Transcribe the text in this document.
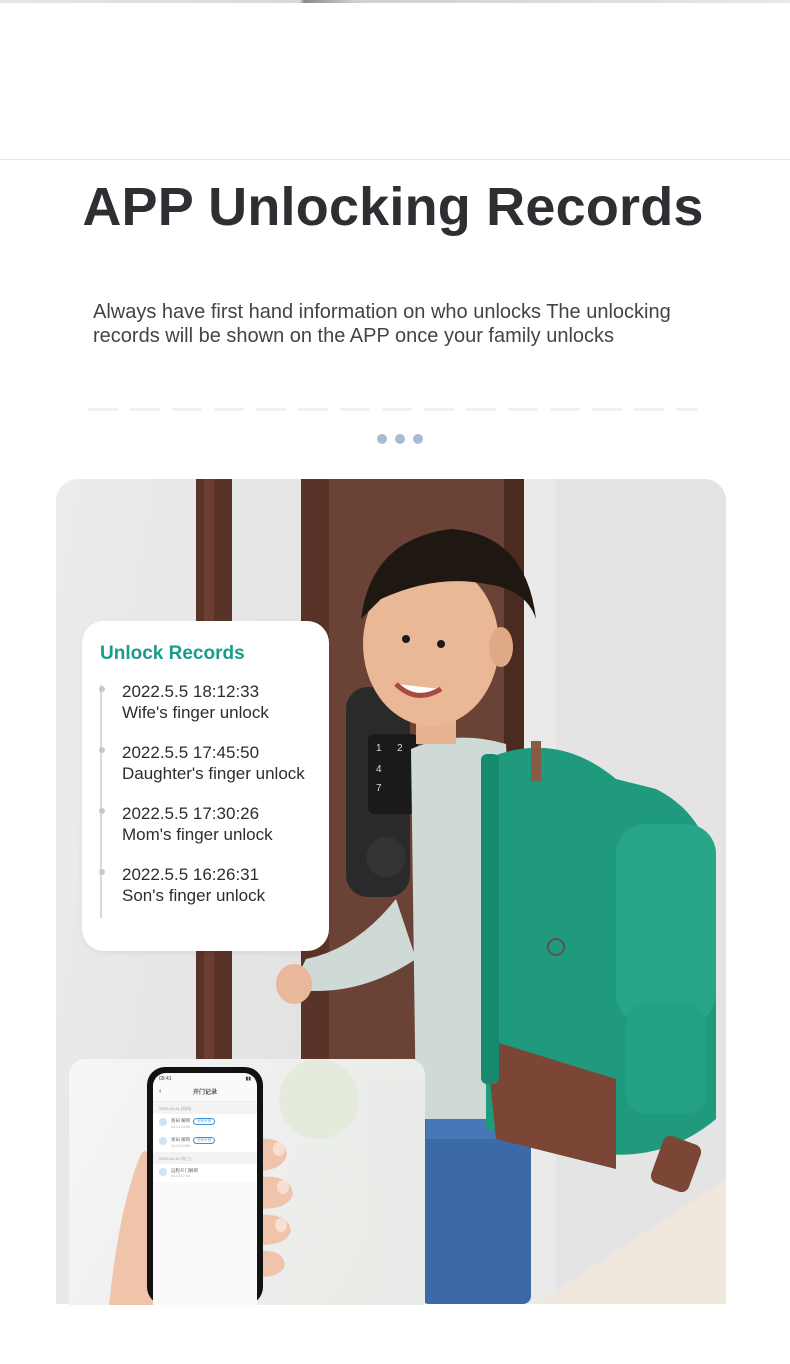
APP Unlocking Records

Always have first hand information on who unlocks The unlocking records will be shown on the APP once your family unlocks

1 2
4
7
Unlock Records
2022.5.5 18:12:33
Wife's finger unlock
2022.5.5 17:45:50
Daughter's finger unlock
2022.5.5 17:30:26
Mom's finger unlock
2022.5.5 16:26:31
Son's finger unlock
09:41	▮▮
‹	开门记录
2022-04-14 (周四)
密码 解锁 密码开锁
04-14 14:56
密码 解锁 密码开锁
04-14 14:56
2022-04-13 (周三)
远程开门解锁
04-13 17:44
